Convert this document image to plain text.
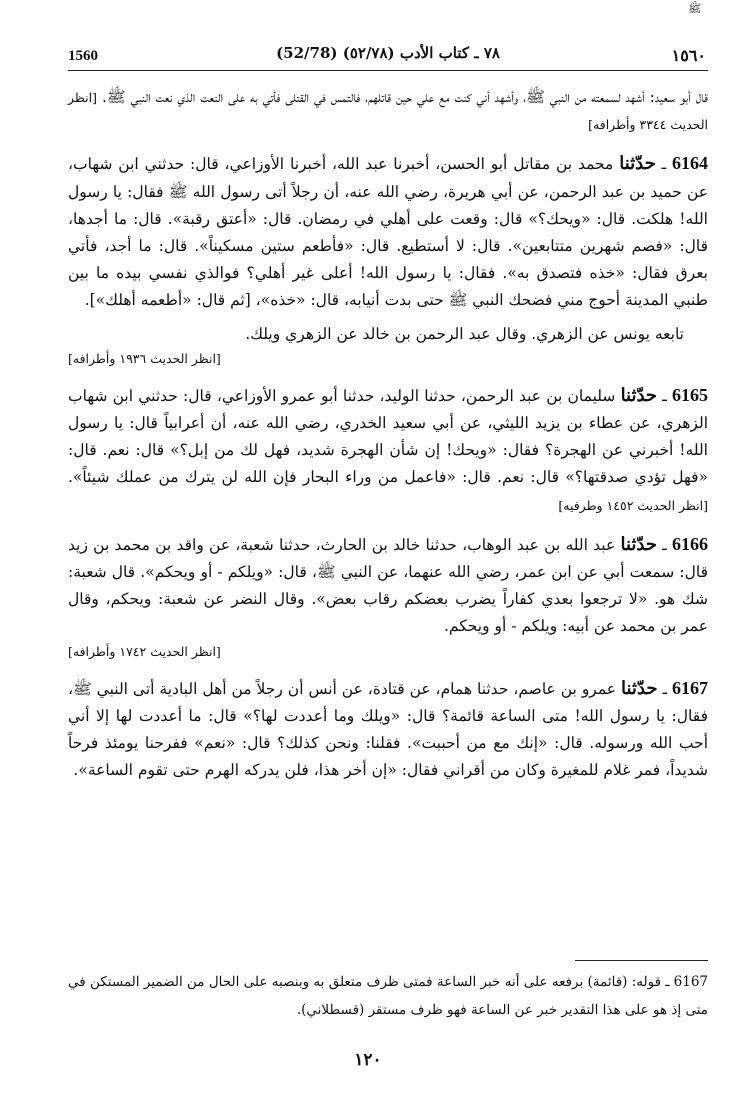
ﷺ
1560	٧٨ ـ كتاب الأدب (٥٢/٧٨) (52/78)	١٥٦٠

قال أبو سعيد: أشهد لسمعته من النبي ﷺ، وأشهد أني كنت مع علي حين قاتلهم، فالتمس في القتلى فأتي به على النعت الذي نعت النبي ﷺ. [انظر الحديث ٣٣٤٤ وأطرافه]

6164 ـ حدّثنا محمد بن مقاتل أبو الحسن، أخبرنا عبد الله، أخبرنا الأوزاعي، قال: حدثني ابن شهاب، عن حميد بن عبد الرحمن، عن أبي هريرة، رضي الله عنه، أن رجلاً أتى رسول الله ﷺ فقال: يا رسول الله! هلكت. قال: «ويحك؟» قال: وقعت على أهلي في رمضان. قال: «أعتق رقبة». قال: ما أجدها، قال: «فصم شهرين متتابعين». قال: لا أستطيع. قال: «فأطعم ستين مسكيناً». قال: ما أجد، فأتي بعرق فقال: «خذه فتصدق به». فقال: يا رسول الله! أعلى غير أهلي؟ فوالذي نفسي بيده ما بين طنبي المدينة أحوج مني فضحك النبي ﷺ حتى بدت أنيابه، قال: «خذه»، [ثم قال: «أطعمه أهلك»].

تابعه يونس عن الزهري. وقال عبد الرحمن بن خالد عن الزهري ويلك.

[انظر الحديث ١٩٣٦ وأطرافه]

6165 ـ حدّثنا سليمان بن عبد الرحمن، حدثنا الوليد، حدثنا أبو عمرو الأوزاعي، قال: حدثني ابن شهاب الزهري، عن عطاء بن يزيد الليثي، عن أبي سعيد الخدري، رضي الله عنه، أن أعرابياً قال: يا رسول الله! أخبرني عن الهجرة؟ فقال: «ويحك! إن شأن الهجرة شديد، فهل لك من إبل؟» قال: نعم. قال: «فهل تؤدي صدقتها؟» قال: نعم. قال: «فاعمل من وراء البحار فإن الله لن يترك من عملك شيئاً». [انظر الحديث ١٤٥٢ وطرفيه]

6166 ـ حدّثنا عبد الله بن عبد الوهاب، حدثنا خالد بن الحارث، حدثنا شعبة، عن واقد بن محمد بن زيد قال: سمعت أبي عن ابن عمر، رضي الله عنهما، عن النبي ﷺ، قال: «ويلكم - أو ويحكم». قال شعبة: شك هو. «لا ترجعوا بعدي كفاراً يضرب بعضكم رقاب بعض». وقال النضر عن شعبة: ويحكم، وقال عمر بن محمد عن أبيه: ويلكم - أو ويحكم.

[انظر الحديث ١٧٤٢ وأطرافه]

6167 ـ حدّثنا عمرو بن عاصم، حدثنا همام، عن قتادة، عن أنس أن رجلاً من أهل البادية أتى النبي ﷺ، فقال: يا رسول الله! متى الساعة قائمة؟ قال: «ويلك وما أعددت لها؟» قال: ما أعددت لها إلا أني أحب الله ورسوله. قال: «إنك مع من أحببت». فقلنا: ونحن كذلك؟ قال: «نعم» ففرحنا يومئذ فرحاً شديداً، فمر غلام للمغيرة وكان من أقراني فقال: «إن أخر هذا، فلن يدركه الهرم حتى تقوم الساعة».

6167 ـ قوله: (قائمة) برفعه على أنه خبر الساعة فمتى ظرف متعلق به وبنصبه على الحال من الضمير المستكن في متى إذ هو على هذا التقدير خبر عن الساعة فهو ظرف مستقر (قسطلاني).
١٢٠
